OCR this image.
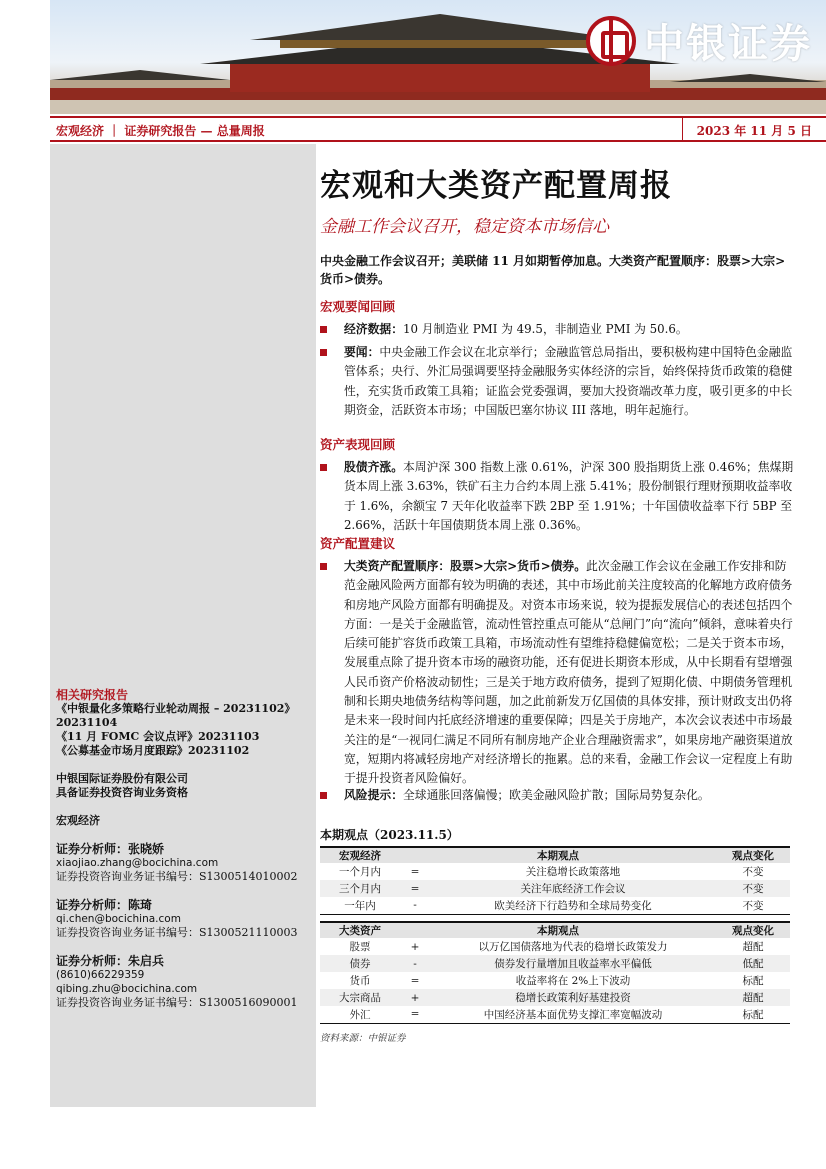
中银证券
宏观经济 ｜ 证券研究报告 — 总量周报	2023 年 11 月 5 日
相关研究报告
《中银量化多策略行业轮动周报 – 20231102》
20231104
《11 月 FOMC 会议点评》20231103
《公募基金市场月度跟踪》20231102
中银国际证券股份有限公司
具备证券投资咨询业务资格
宏观经济
证券分析师：张晓娇
xiaojiao.zhang@bocichina.com
证券投资咨询业务证书编号：S1300514010002
证券分析师：陈琦
qi.chen@bocichina.com
证券投资咨询业务证书编号：S1300521110003
证券分析师：朱启兵
(8610)66229359
qibing.zhu@bocichina.com
证券投资咨询业务证书编号：S1300516090001
宏观和大类资产配置周报
金融工作会议召开，稳定资本市场信心
中央金融工作会议召开；美联储 11 月如期暂停加息。大类资产配置顺序：股票>大宗>货币>债券。
宏观要闻回顾
经济数据：10 月制造业 PMI 为 49.5，非制造业 PMI 为 50.6。
要闻：中央金融工作会议在北京举行；金融监管总局指出，要积极构建中国特色金融监管体系；央行、外汇局强调要坚持金融服务实体经济的宗旨，始终保持货币政策的稳健性，充实货币政策工具箱；证监会党委强调，要加大投资端改革力度，吸引更多的中长期资金，活跃资本市场；中国版巴塞尔协议 III 落地，明年起施行。
资产表现回顾
股债齐涨。本周沪深 300 指数上涨 0.61%，沪深 300 股指期货上涨 0.46%；焦煤期货本周上涨 3.63%，铁矿石主力合约本周上涨 5.41%；股份制银行理财预期收益率收于 1.6%，余额宝 7 天年化收益率下跌 2BP 至 1.91%；十年国债收益率下行 5BP 至 2.66%，活跃十年国债期货本周上涨 0.36%。
资产配置建议
大类资产配置顺序：股票>大宗>货币>债券。此次金融工作会议在金融工作安排和防范金融风险两方面都有较为明确的表述，其中市场此前关注度较高的化解地方政府债务和房地产风险方面都有明确提及。对资本市场来说，较为提振发展信心的表述包括四个方面：一是关于金融监管，流动性管控重点可能从“总闸门”向“流向”倾斜，意味着央行后续可能扩容货币政策工具箱，市场流动性有望维持稳健偏宽松；二是关于资本市场，发展重点除了提升资本市场的融资功能，还有促进长期资本形成，从中长期看有望增强人民币资产价格波动韧性；三是关于地方政府债务，提到了短期化债、中期债务管理机制和长期央地债务结构等问题，加之此前新发万亿国债的具体安排，预计财政支出仍将是未来一段时间内托底经济增速的重要保障；四是关于房地产，本次会议表述中市场最关注的是“一视同仁满足不同所有制房地产企业合理融资需求”，如果房地产融资渠道放宽，短期内将减轻房地产对经济增长的拖累。总的来看，金融工作会议一定程度上有助于提升投资者风险偏好。
风险提示：全球通胀回落偏慢；欧美金融风险扩散；国际局势复杂化。
本期观点（2023.11.5）
宏观经济	本期观点		观点变化
一个月内	=	关注稳增长政策落地	不变
三个月内	=	关注年底经济工作会议	不变
一年内	-	欧美经济下行趋势和全球局势变化	不变
大类资产	本期观点		观点变化
股票	+	以万亿国债落地为代表的稳增长政策发力	超配
债券	-	债券发行量增加且收益率水平偏低	低配
货币	=	收益率将在 2%上下波动	标配
大宗商品	+	稳增长政策利好基建投资	超配
外汇	=	中国经济基本面优势支撑汇率宽幅波动	标配
资料来源：中银证券
